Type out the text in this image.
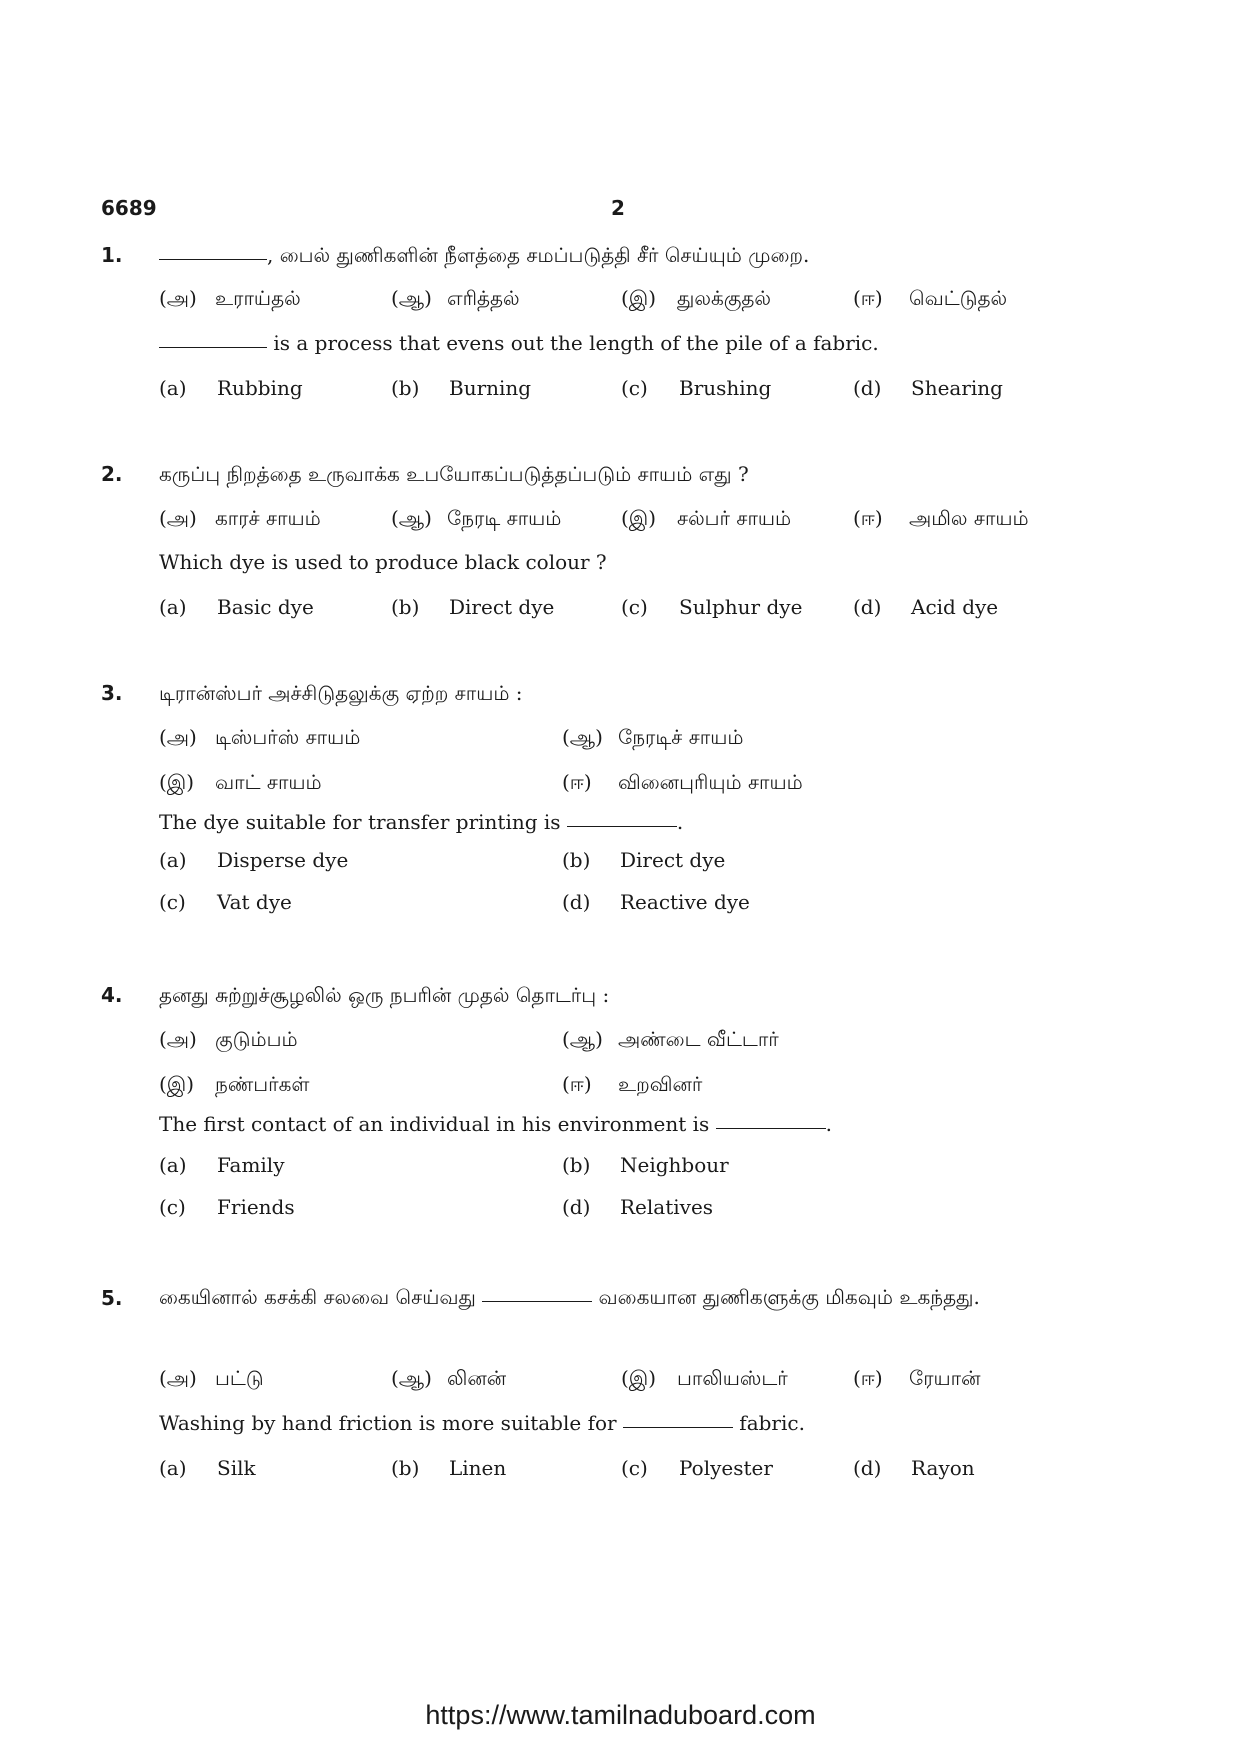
6689	2
1.	, பைல் துணிகளின் நீளத்தை சமப்படுத்தி சீர் செய்யும் முறை.
(அ) உராய்தல்	(ஆ) எரித்தல்	(இ) துலக்குதல்	(ஈ) வெட்டுதல்
is a process that evens out the length of the pile of a fabric.
(a) Rubbing	(b) Burning	(c) Brushing	(d) Shearing
2. கருப்பு நிறத்தை உருவாக்க உபயோகப்படுத்தப்படும் சாயம் எது ?
(அ) காரச் சாயம்	(ஆ) நேரடி சாயம்	(இ) சல்பர் சாயம்	(ஈ) அமில சாயம்
Which dye is used to produce black colour ?
(a) Basic dye	(b) Direct dye	(c) Sulphur dye	(d) Acid dye
3. டிரான்ஸ்பர் அச்சிடுதலுக்கு ஏற்ற சாயம் :
(அ) டிஸ்பர்ஸ் சாயம்	(ஆ) நேரடிச் சாயம்
(இ) வாட் சாயம்	(ஈ) வினைபுரியும் சாயம்
The dye suitable for transfer printing is	.
(a) Disperse dye	(b) Direct dye
(c) Vat dye	(d) Reactive dye
4. தனது சுற்றுச்சூழலில் ஒரு நபரின் முதல் தொடர்பு :
(அ) குடும்பம்	(ஆ) அண்டை வீட்டார்
(இ) நண்பர்கள்	(ஈ) உறவினர்
The first contact of an individual in his environment is	.
(a) Family	(b) Neighbour
(c) Friends	(d) Relatives
5. கையினால் கசக்கி சலவை செய்வது	வகையான துணிகளுக்கு மிகவும் உகந்தது.
(அ) பட்டு	(ஆ) லினன்	(இ) பாலியஸ்டர்	(ஈ) ரேயான்
Washing by hand friction is more suitable for	fabric.
(a) Silk	(b) Linen	(c) Polyester	(d) Rayon
https://www.tamilnaduboard.com
